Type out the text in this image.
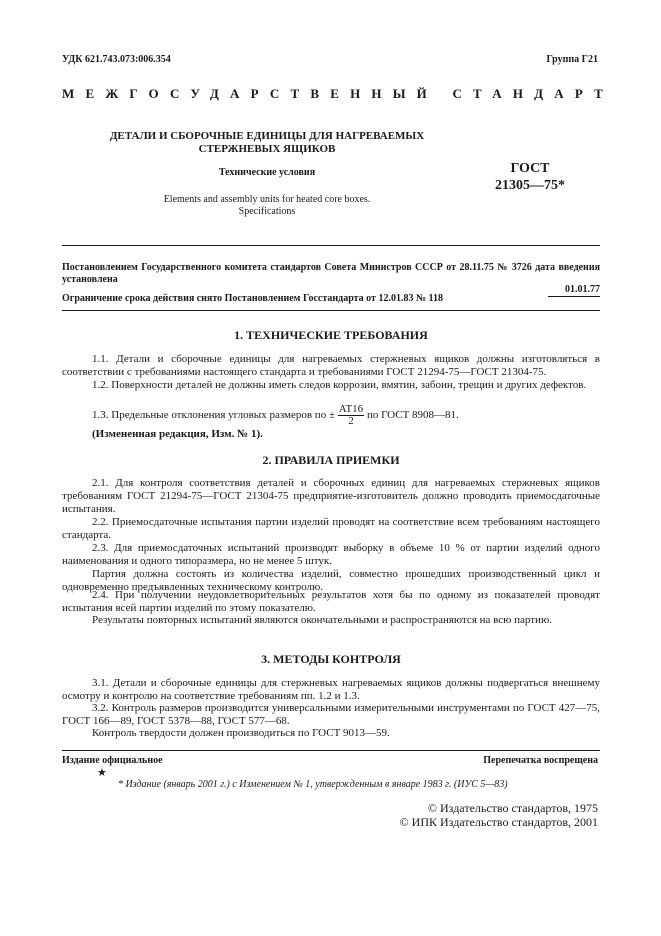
УДК 621.743.073:006.354	Группа Г21
МЕЖГОСУДАРСТВЕННЫЙ СТАНДАРТ
ДЕТАЛИ И СБОРОЧНЫЕ ЕДИНИЦЫ ДЛЯ НАГРЕВАЕМЫХ
СТЕРЖНЕВЫХ ЯЩИКОВ
Технические условия
Elements and assembly units for heated core boxes.
Specifications
ГОСТ
21305—75*
Постановлением Государственного комитета стандартов Совета Министров СССР от 28.11.75 № 3726 дата введения установлена
01.01.77
Ограничение срока действия снято Постановлением Госстандарта от 12.01.83 № 118
1. ТЕХНИЧЕСКИЕ ТРЕБОВАНИЯ
1.1. Детали и сборочные единицы для нагреваемых стержневых ящиков должны изготовляться в соответствии с требованиями настоящего стандарта и требованиями ГОСТ 21294-75—ГОСТ 21304-75.
1.2. Поверхности деталей не должны иметь следов коррозии, вмятин, забоин, трещин и других дефектов.
1.3. Предельные отклонения угловых размеров по ± $\frac{AT16}{2}$ по ГОСТ 8908—81.
(Измененная редакция, Изм. № 1).
2. ПРАВИЛА ПРИЕМКИ
2.1. Для контроля соответствия деталей и сборочных единиц для нагреваемых стержневых ящиков требованиям ГОСТ 21294-75—ГОСТ 21304-75 предприятие-изготовитель должно проводить приемосдаточные испытания.
2.2. Приемосдаточные испытания партии изделий проводят на соответствие всем требованиям настоящего стандарта.
2.3. Для приемосдаточных испытаний производят выборку в объеме 10 % от партии изделий одного наименования и одного типоразмера, но не менее 5 штук.
Партия должна состоять из количества изделий, совместно прошедших производственный цикл и одновременно предъявленных техническому контролю.
2.4. При получении неудовлетворительных результатов хотя бы по одному из показателей проводят испытания всей партии изделий по этому показателю.
Результаты повторных испытаний являются окончательными и распространяются на всю партию.
3. МЕТОДЫ КОНТРОЛЯ
3.1. Детали и сборочные единицы для стержневых нагреваемых ящиков должны подвергаться внешнему осмотру и контролю на соответствие требованиям пп. 1.2 и 1.3.
3.2. Контроль размеров производится универсальными измерительными инструментами по ГОСТ 427—75, ГОСТ 166—89, ГОСТ 5378—88, ГОСТ 577—68.
Контроль твердости должен производиться по ГОСТ 9013—59.
Издание официальное	Перепечатка воспрещена
★
* Издание (январь 2001 г.) с Изменением № 1, утвержденным в январе 1983 г. (ИУС 5—83)
© Издательство стандартов, 1975
© ИПК Издательство стандартов, 2001
